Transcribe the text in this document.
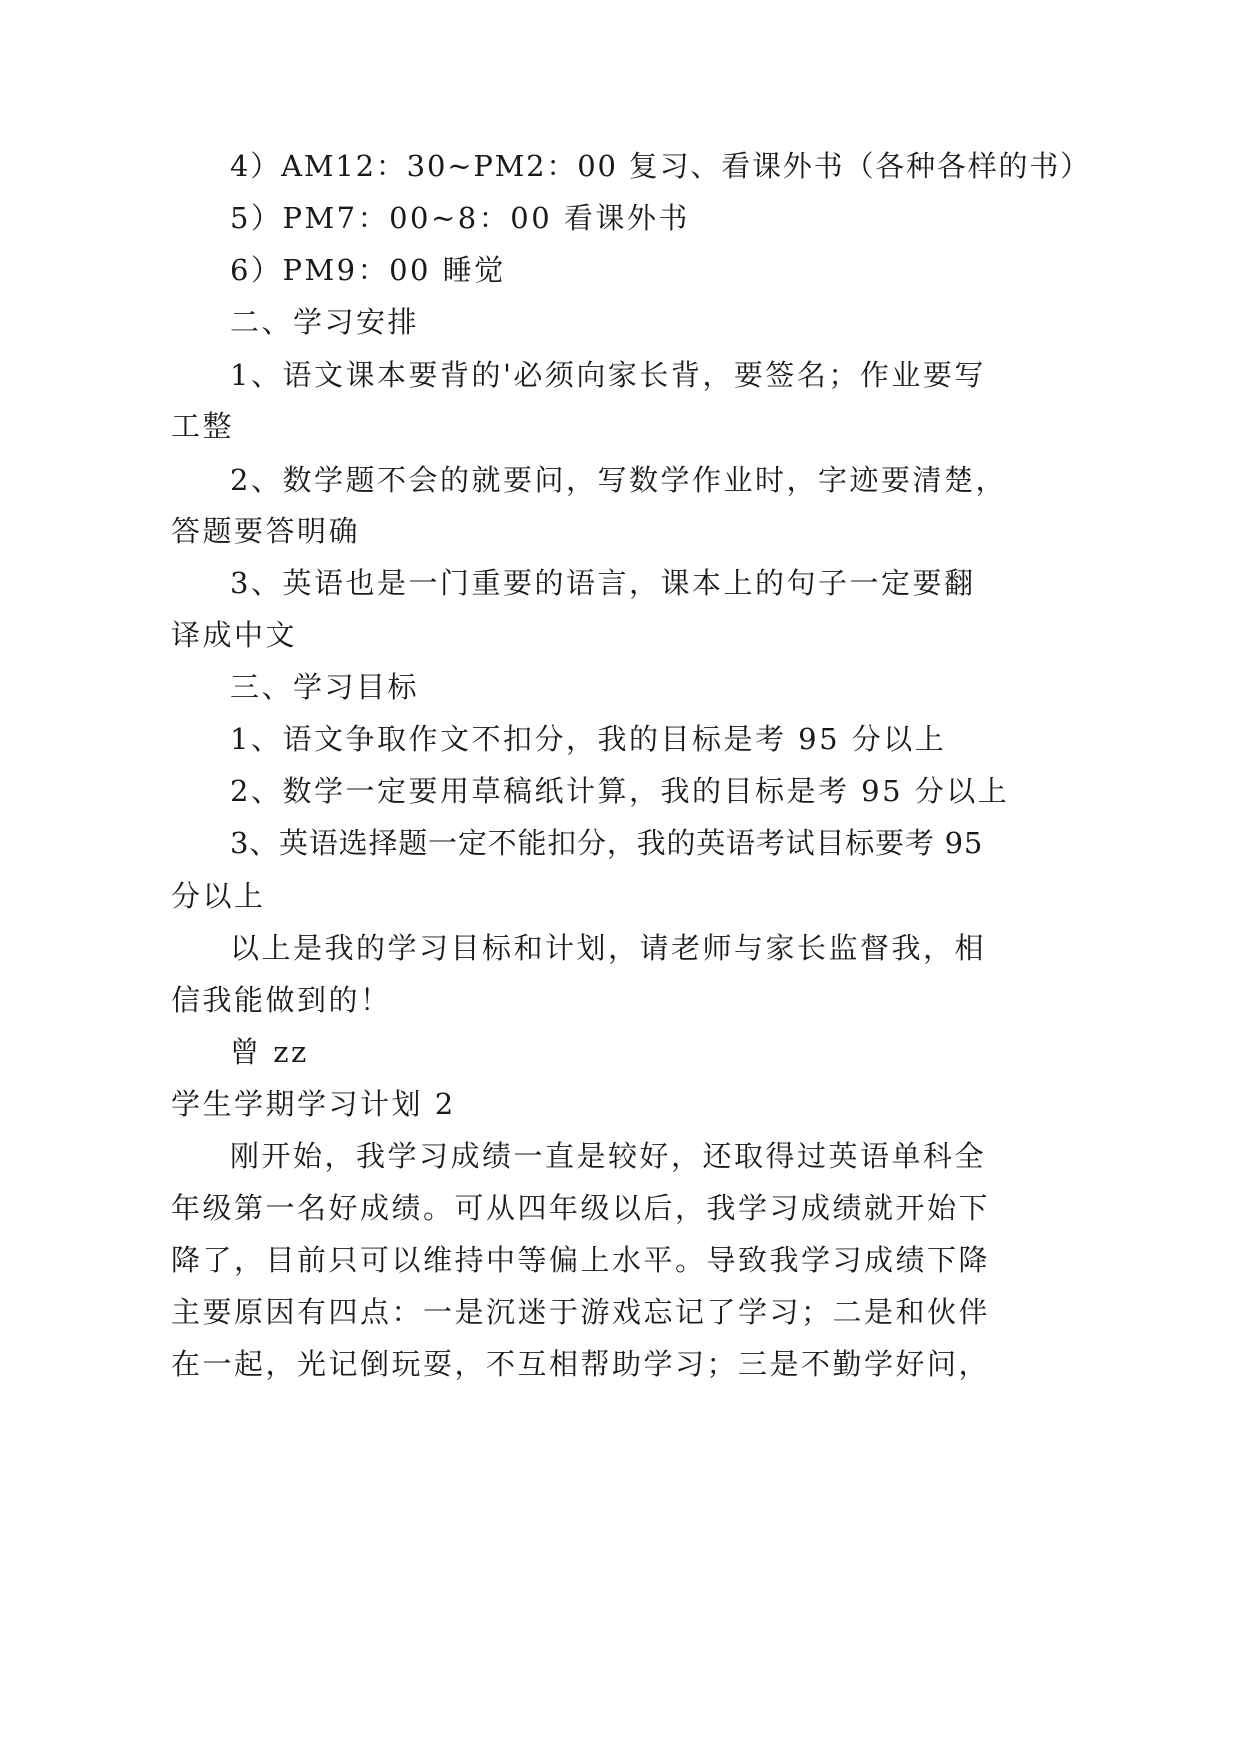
4）AM12：30~PM2：00 复习、看课外书（各种各样的书）
5）PM7：00~8：00 看课外书
6）PM9：00 睡觉
二、学习安排
1、语文课本要背的'必须向家长背，要签名；作业要写
工整
2、数学题不会的就要问，写数学作业时，字迹要清楚，
答题要答明确
3、英语也是一门重要的语言，课本上的句子一定要翻
译成中文
三、学习目标
1、语文争取作文不扣分，我的目标是考 95 分以上
2、数学一定要用草稿纸计算，我的目标是考 95 分以上
3、英语选择题一定不能扣分，我的英语考试目标要考 95
分以上
以上是我的学习目标和计划，请老师与家长监督我，相
信我能做到的！
曾 zz
学生学期学习计划 2
刚开始，我学习成绩一直是较好，还取得过英语单科全
年级第一名好成绩。可从四年级以后，我学习成绩就开始下
降了，目前只可以维持中等偏上水平。导致我学习成绩下降
主要原因有四点：一是沉迷于游戏忘记了学习；二是和伙伴
在一起，光记倒玩耍，不互相帮助学习；三是不勤学好问，
